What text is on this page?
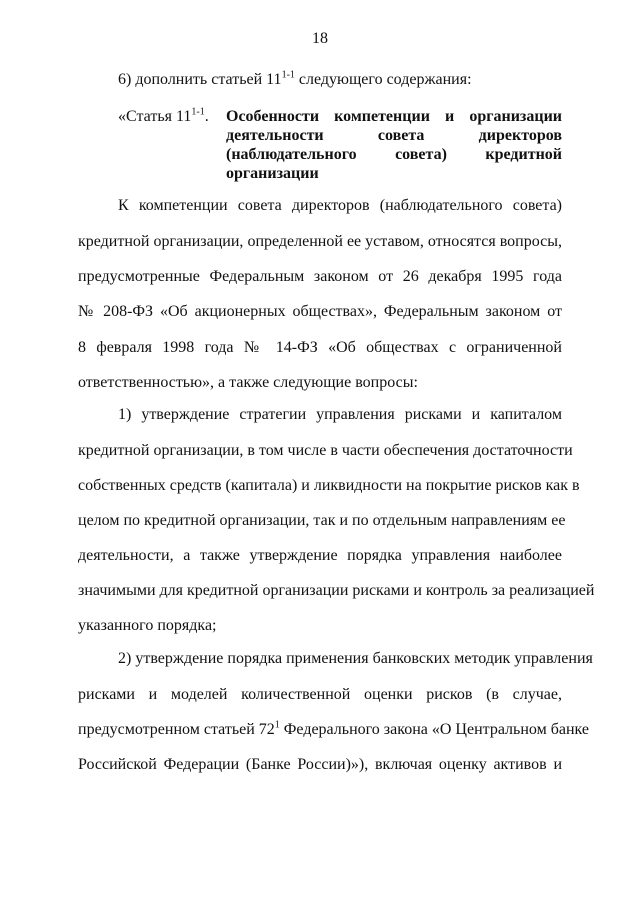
18
6) дополнить статьей 11$^{1-1}$ следующего содержания:
«Статья 11$^{1-1}$. Особенности компетенции и организации
деятельности совета директоров
(наблюдательного совета) кредитной
организации
К компетенции совета директоров (наблюдательного совета)
кредитной организации, определенной ее уставом, относятся вопросы,
предусмотренные Федеральным законом от 26 декабря 1995 года
№ 208-ФЗ «Об акционерных обществах», Федеральным законом от
8 февраля 1998 года № 14-ФЗ «Об обществах с ограниченной
ответственностью», а также следующие вопросы:
1) утверждение стратегии управления рисками и капиталом
кредитной организации, в том числе в части обеспечения достаточности
собственных средств (капитала) и ликвидности на покрытие рисков как в
целом по кредитной организации, так и по отдельным направлениям ее
деятельности, а также утверждение порядка управления наиболее
значимыми для кредитной организации рисками и контроль за реализацией
указанного порядка;
2) утверждение порядка применения банковских методик управления
рисками и моделей количественной оценки рисков (в случае,
предусмотренном статьей $72^1$ Федерального закона «О Центральном банке
Российской Федерации (Банке России)»), включая оценку активов и
